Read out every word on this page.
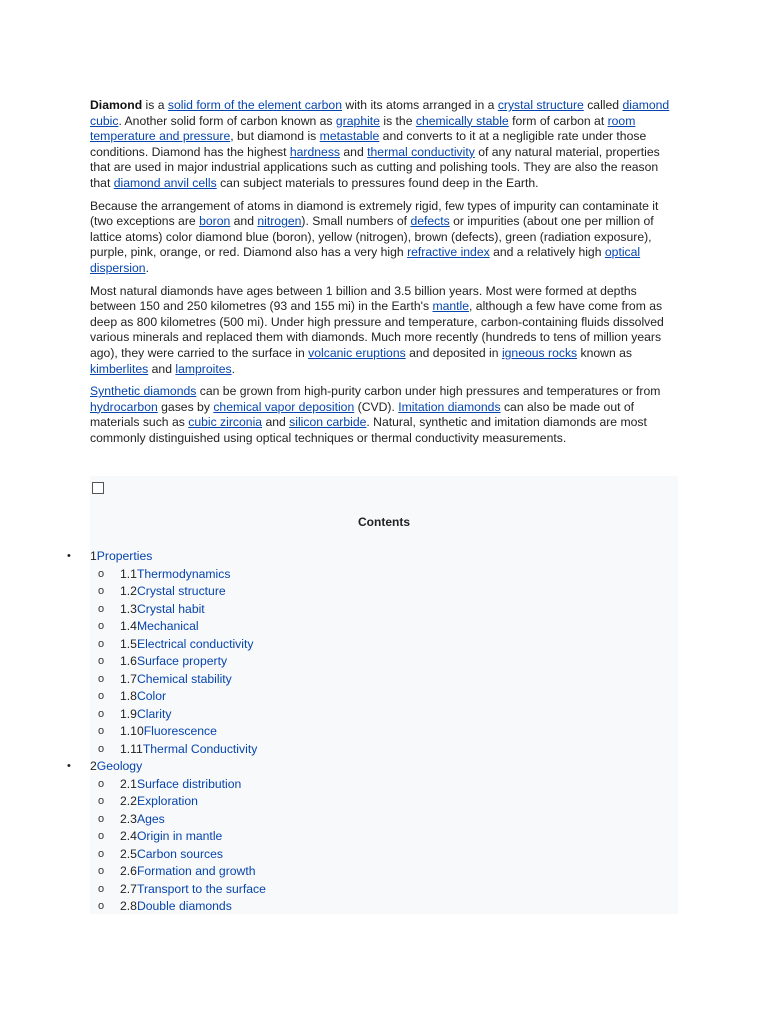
Diamond is a solid form of the element carbon with its atoms arranged in a crystal structure called diamond cubic. Another solid form of carbon known as graphite is the chemically stable form of carbon at room temperature and pressure, but diamond is metastable and converts to it at a negligible rate under those conditions. Diamond has the highest hardness and thermal conductivity of any natural material, properties that are used in major industrial applications such as cutting and polishing tools. They are also the reason that diamond anvil cells can subject materials to pressures found deep in the Earth.

Because the arrangement of atoms in diamond is extremely rigid, few types of impurity can contaminate it (two exceptions are boron and nitrogen). Small numbers of defects or impurities (about one per million of lattice atoms) color diamond blue (boron), yellow (nitrogen), brown (defects), green (radiation exposure), purple, pink, orange, or red. Diamond also has a very high refractive index and a relatively high optical dispersion.

Most natural diamonds have ages between 1 billion and 3.5 billion years. Most were formed at depths between 150 and 250 kilometres (93 and 155 mi) in the Earth's mantle, although a few have come from as deep as 800 kilometres (500 mi). Under high pressure and temperature, carbon-containing fluids dissolved various minerals and replaced them with diamonds. Much more recently (hundreds to tens of million years ago), they were carried to the surface in volcanic eruptions and deposited in igneous rocks known as kimberlites and lamproites.

Synthetic diamonds can be grown from high-purity carbon under high pressures and temperatures or from hydrocarbon gases by chemical vapor deposition (CVD). Imitation diamonds can also be made out of materials such as cubic zirconia and silicon carbide. Natural, synthetic and imitation diamonds are most commonly distinguished using optical techniques or thermal conductivity measurements.

Contents
• 1Properties
o 1.1Thermodynamics
o 1.2Crystal structure
o 1.3Crystal habit
o 1.4Mechanical
o 1.5Electrical conductivity
o 1.6Surface property
o 1.7Chemical stability
o 1.8Color
o 1.9Clarity
o 1.10Fluorescence
o 1.11Thermal Conductivity
• 2Geology
o 2.1Surface distribution
o 2.2Exploration
o 2.3Ages
o 2.4Origin in mantle
o 2.5Carbon sources
o 2.6Formation and growth
o 2.7Transport to the surface
o 2.8Double diamonds
